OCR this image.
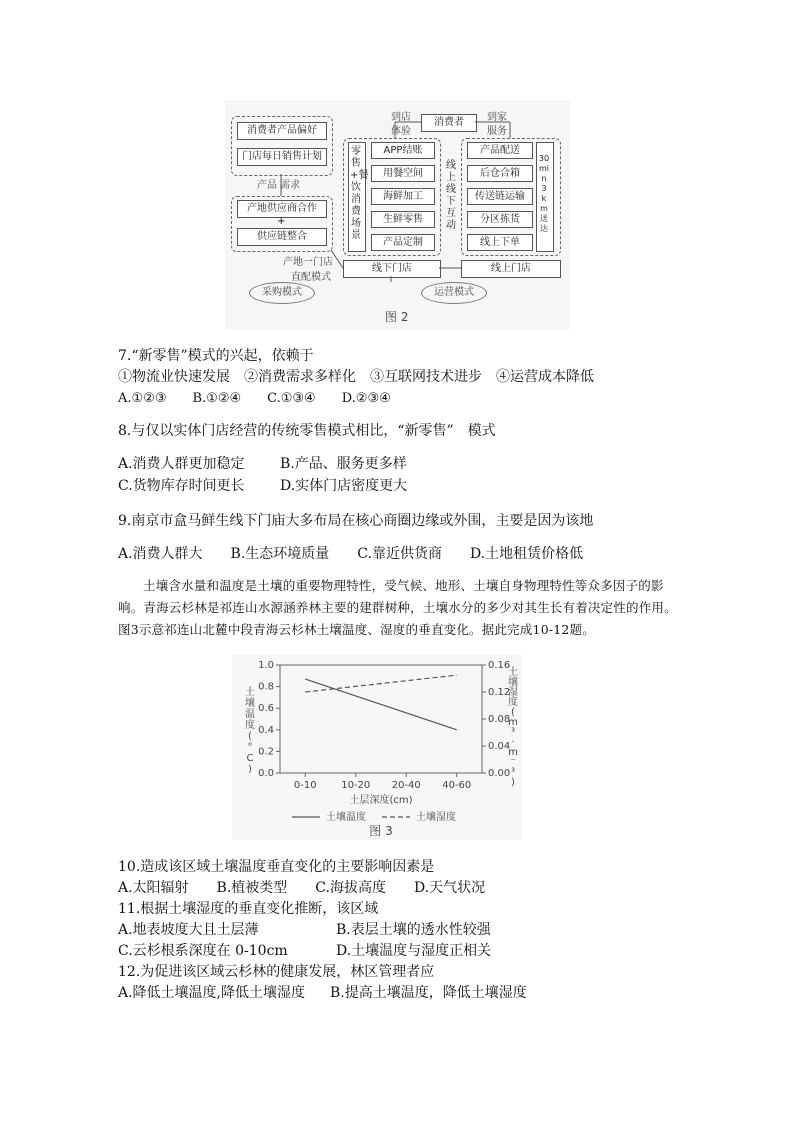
消费者产品偏好
门店每日销售计划
产品 需求
产地供应商合作
+
供应链整合
产地一门店
直配模式
采购模式
到店
体验
消费者	到家
服务
零售+餐饮消费场景
APP结账
用餐空间
海鲜加工
生鲜零售
产品定制
线上线下互动
产品配送
后仓合箱
传送链运输
分区拣货
线上下单
30 min 3 km 送达
线下门店	线上门店
运营模式
图 2
7.“新零售”模式的兴起，依赖于
①物流业快速发展　②消费需求多样化　③互联网技术进步　④运营成本降低
A.①②③　　B.①②④　　C.①③④　　D.②③④
8.与仅以实体门店经营的传统零售模式相比，“新零售”　模式
A.消费人群更加稳定	B.产品、服务更多样
C.货物库存时间更长	D.实体门店密度更大
9.南京市盒马鲜生线下门庙大多布局在核心商圈边缘或外围，主要是因为该地
A.消费人群大　　B.生态环境质量　　C.靠近供货商　　D.土地租赁价格低
土壤含水量和温度是土壤的重要物理特性，受气候、地形、土壤自身物理特性等众多因子的影响。青海云杉林是祁连山水源涵养林主要的建群树种，土壤水分的多少对其生长有着决定性的作用。图3示意祁连山北麓中段青海云杉林土壤温度、湿度的垂直变化。据此完成10-12题。
0.0
0.2
0.4
0.6
0.8
1.0
0.00
0.04
0.08
0.12
0.16
0-10 10-20 20-40 40-60
土层深度(cm)
土壤温度( ° C )
土壤湿度( m ³ · m ⁻ ³ )
土壤温度	土壤湿度
图 3
10.造成该区域土壤温度垂直变化的主要影响因素是
A.太阳辐射　　B.植被类型　　C.海拔高度　　D.天气状况
11.根据土壤湿度的垂直变化推断，该区域
A.地表坡度大且土层薄	B.表层土壤的透水性较强
C.云杉根系深度在 0-10cm	D.土壤温度与湿度正相关
12.为促进该区域云杉林的健康发展，林区管理者应
A.降低土壤温度,降低土壤湿度 B.提高土壤温度，降低土壤湿度
